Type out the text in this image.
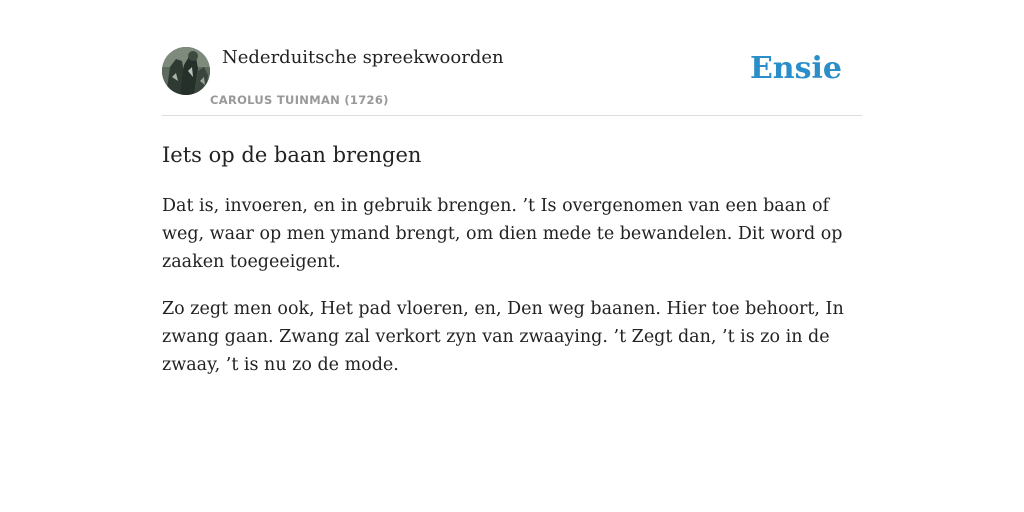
Nederduitsche spreekwoorden
CAROLUS TUINMAN (1726)
Ensie
Iets op de baan brengen

Dat is, invoeren, en in gebruik brengen. ’t Is overgenomen van een baan of weg, waar op men ymand brengt, om dien mede te bewandelen. Dit word op zaaken toegeeigent.

Zo zegt men ook, Het pad vloeren, en, Den weg baanen. Hier toe behoort, In zwang gaan. Zwang zal verkort zyn van zwaaying. ’t Zegt dan, ’t is zo in de zwaay, ’t is nu zo de mode.
